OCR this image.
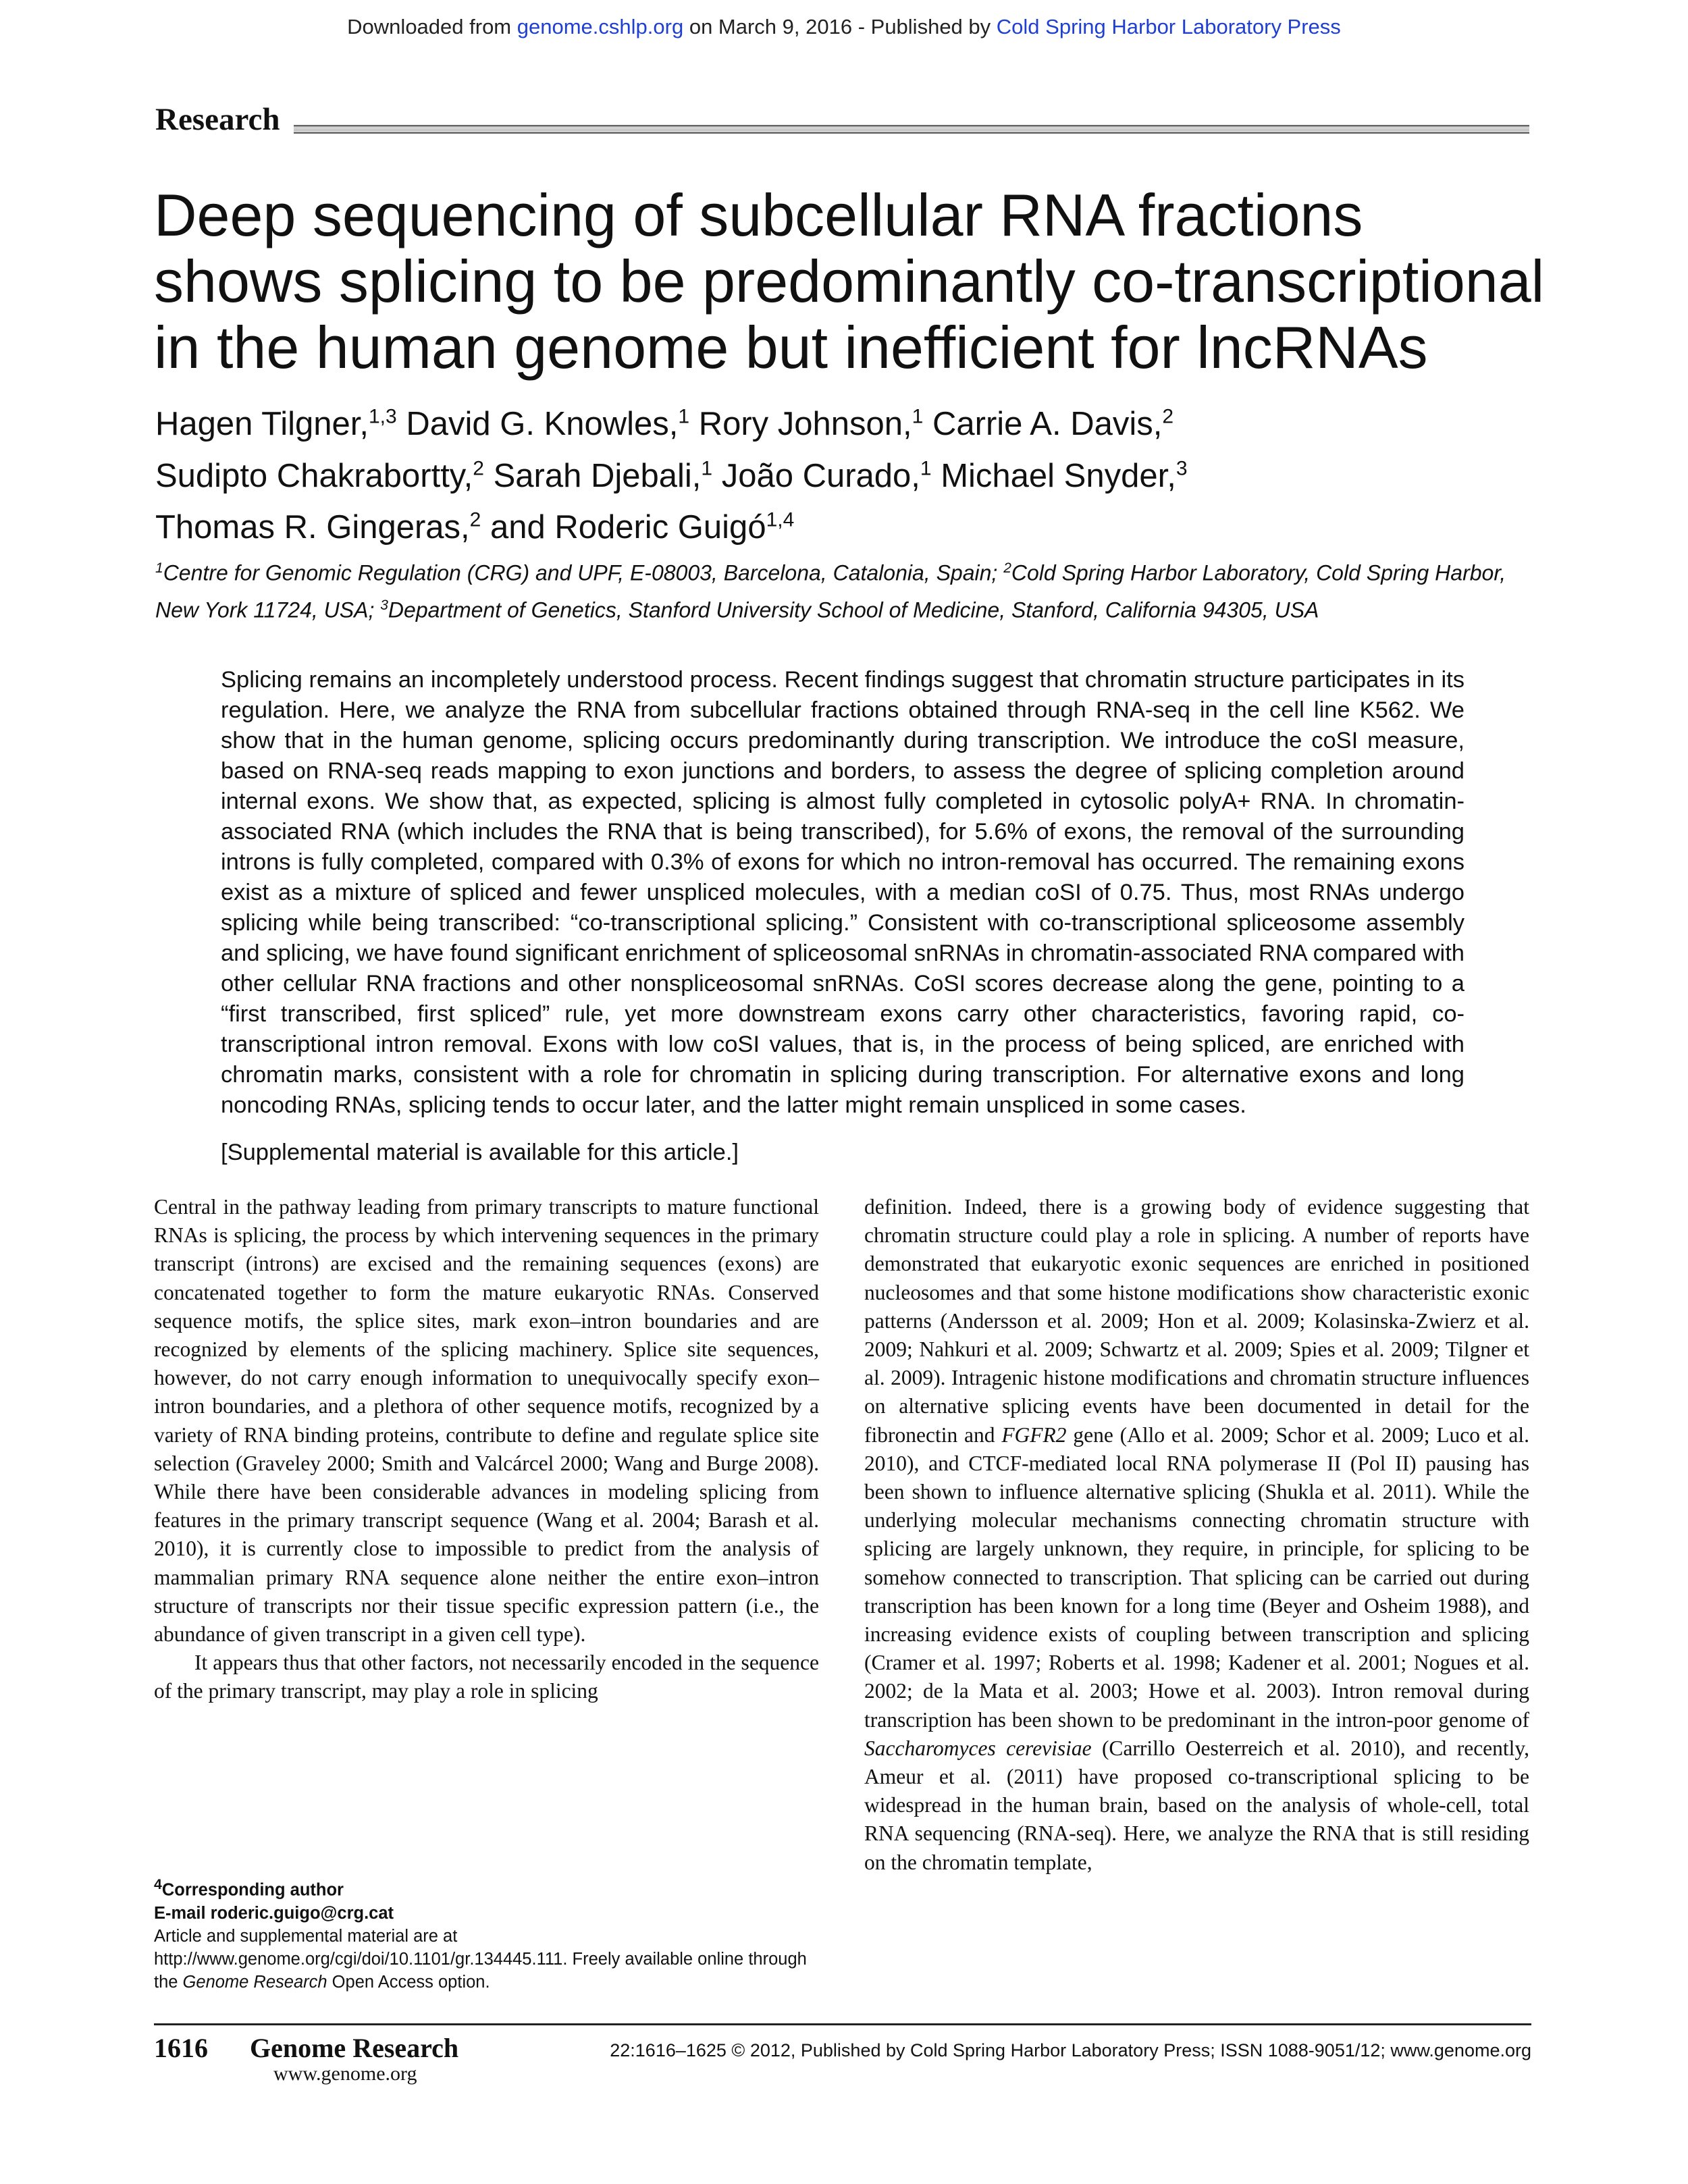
Downloaded from genome.cshlp.org on March 9, 2016 - Published by Cold Spring Harbor Laboratory Press
Research
Deep sequencing of subcellular RNA fractions shows splicing to be predominantly co-transcriptional in the human genome but inefficient for lncRNAs
Hagen Tilgner,$^{1,3}$ David G. Knowles,$^1$ Rory Johnson,$^1$ Carrie A. Davis,$^2$
Sudipto Chakrabortty,$^2$ Sarah Djebali,$^1$ João Curado,$^1$ Michael Snyder,$^3$
Thomas R. Gingeras,$^2$ and Roderic Guigó$^{1,4}$
$^1$Centre for Genomic Regulation (CRG) and UPF, E-08003, Barcelona, Catalonia, Spain; $^2$Cold Spring Harbor Laboratory, Cold Spring Harbor, New York 11724, USA; $^3$Department of Genetics, Stanford University School of Medicine, Stanford, California 94305, USA
Splicing remains an incompletely understood process. Recent findings suggest that chromatin structure participates in its regulation. Here, we analyze the RNA from subcellular fractions obtained through RNA-seq in the cell line K562. We show that in the human genome, splicing occurs predominantly during transcription. We introduce the coSI measure, based on RNA-seq reads mapping to exon junctions and borders, to assess the degree of splicing completion around internal exons. We show that, as expected, splicing is almost fully completed in cytosolic polyA+ RNA. In chromatin-associated RNA (which includes the RNA that is being transcribed), for 5.6% of exons, the removal of the surrounding introns is fully completed, compared with 0.3% of exons for which no intron-removal has occurred. The remaining exons exist as a mixture of spliced and fewer unspliced molecules, with a median coSI of 0.75. Thus, most RNAs undergo splicing while being transcribed: “co-transcriptional splicing.” Consistent with co-transcriptional spliceosome assembly and splicing, we have found significant enrichment of spliceosomal snRNAs in chromatin-associated RNA compared with other cellular RNA fractions and other nonspliceosomal snRNAs. CoSI scores decrease along the gene, pointing to a “first transcribed, first spliced” rule, yet more downstream exons carry other characteristics, favoring rapid, co-transcriptional intron removal. Exons with low coSI values, that is, in the process of being spliced, are enriched with chromatin marks, consistent with a role for chromatin in splicing during transcription. For alternative exons and long noncoding RNAs, splicing tends to occur later, and the latter might remain unspliced in some cases.
[Supplemental material is available for this article.]

Central in the pathway leading from primary transcripts to mature functional RNAs is splicing, the process by which intervening sequences in the primary transcript (introns) are excised and the remaining sequences (exons) are concatenated together to form the mature eukaryotic RNAs. Conserved sequence motifs, the splice sites, mark exon–intron boundaries and are recognized by elements of the splicing machinery. Splice site sequences, however, do not carry enough information to unequivocally specify exon–intron boundaries, and a plethora of other sequence motifs, recognized by a variety of RNA binding proteins, contribute to define and regulate splice site selection (Graveley 2000; Smith and Valcárcel 2000; Wang and Burge 2008). While there have been considerable advances in modeling splicing from features in the primary transcript sequence (Wang et al. 2004; Barash et al. 2010), it is currently close to impossible to predict from the analysis of mammalian primary RNA sequence alone neither the entire exon–intron structure of transcripts nor their tissue specific expression pattern (i.e., the abundance of given transcript in a given cell type).

It appears thus that other factors, not necessarily encoded in the sequence of the primary transcript, may play a role in splicing

definition. Indeed, there is a growing body of evidence suggesting that chromatin structure could play a role in splicing. A number of reports have demonstrated that eukaryotic exonic sequences are enriched in positioned nucleosomes and that some histone modifications show characteristic exonic patterns (Andersson et al. 2009; Hon et al. 2009; Kolasinska-Zwierz et al. 2009; Nahkuri et al. 2009; Schwartz et al. 2009; Spies et al. 2009; Tilgner et al. 2009). Intragenic histone modifications and chromatin structure influences on alternative splicing events have been documented in detail for the fibronectin and FGFR2 gene (Allo et al. 2009; Schor et al. 2009; Luco et al. 2010), and CTCF-mediated local RNA polymerase II (Pol II) pausing has been shown to influence alternative splicing (Shukla et al. 2011). While the underlying molecular mechanisms connecting chromatin structure with splicing are largely unknown, they require, in principle, for splicing to be somehow connected to transcription. That splicing can be carried out during transcription has been known for a long time (Beyer and Osheim 1988), and increasing evidence exists of coupling between transcription and splicing (Cramer et al. 1997; Roberts et al. 1998; Kadener et al. 2001; Nogues et al. 2002; de la Mata et al. 2003; Howe et al. 2003). Intron removal during transcription has been shown to be predominant in the intron-poor genome of Saccharomyces cerevisiae (Carrillo Oesterreich et al. 2010), and recently, Ameur et al. (2011) have proposed co-transcriptional splicing to be widespread in the human brain, based on the analysis of whole-cell, total RNA sequencing (RNA-seq). Here, we analyze the RNA that is still residing on the chromatin template,

$^4$Corresponding author
E-mail roderic.guigo@crg.cat
Article and supplemental material are at http://www.genome.org/cgi/doi/10.1101/gr.134445.111. Freely available online through the Genome Research Open Access option.
1616 Genome Research
www.genome.org
22:1616–1625 © 2012, Published by Cold Spring Harbor Laboratory Press; ISSN 1088-9051/12; www.genome.org
